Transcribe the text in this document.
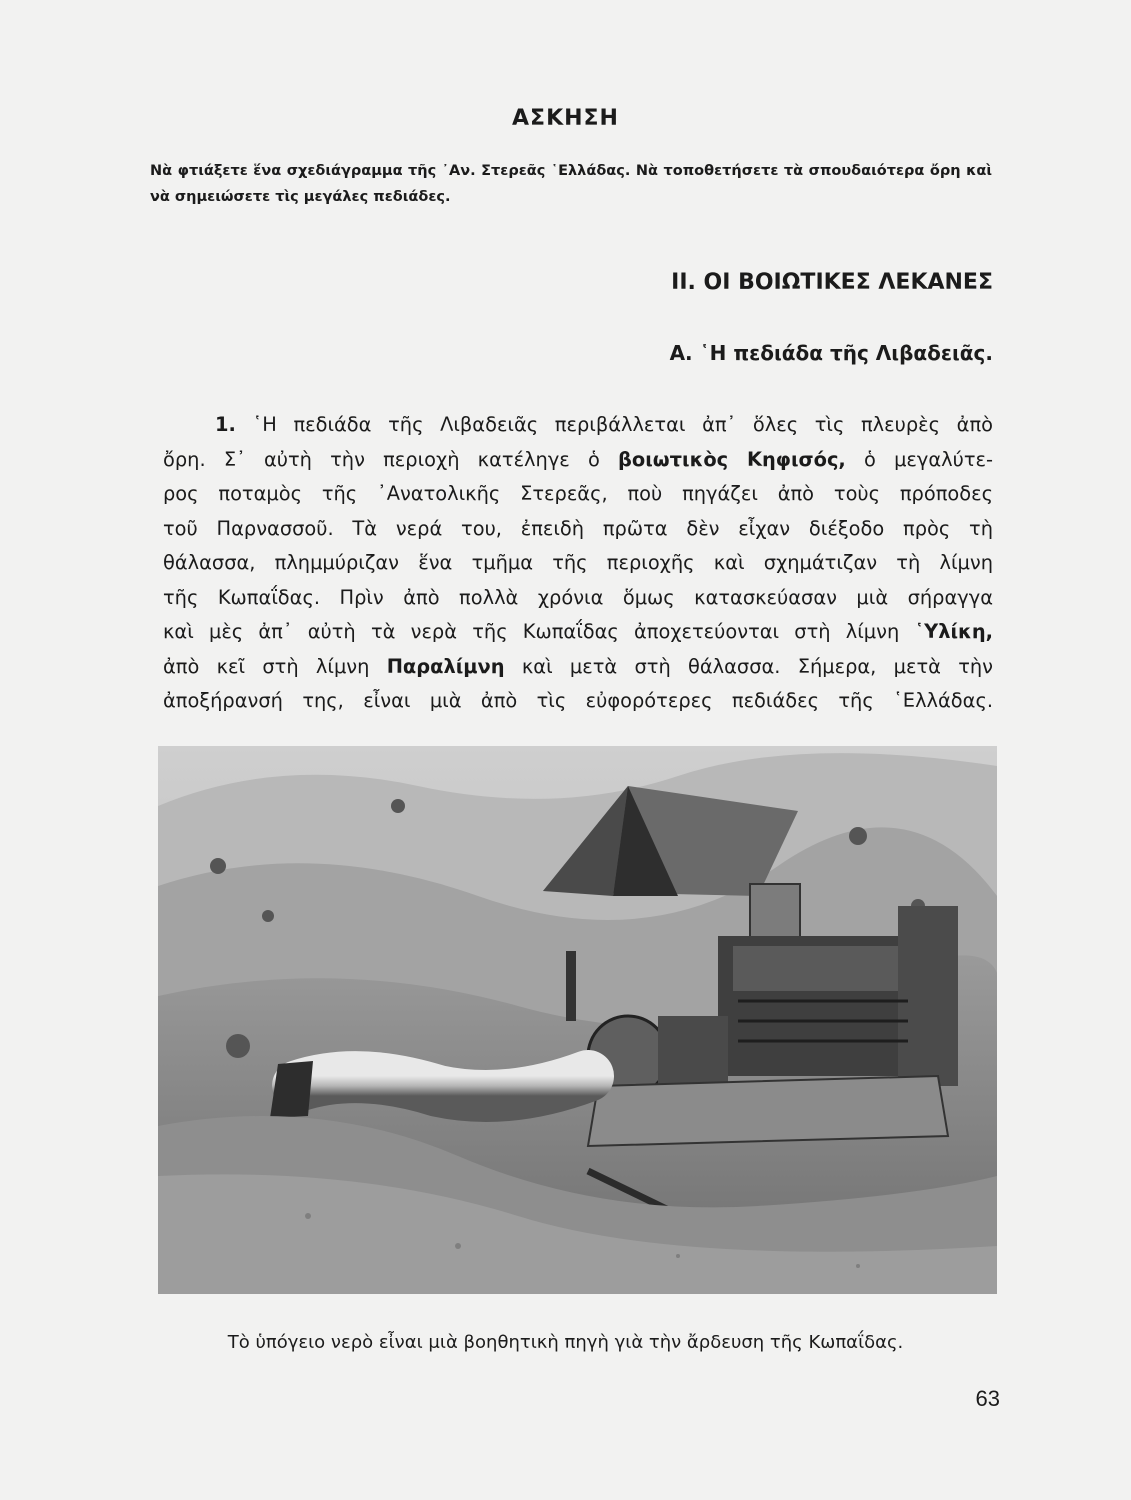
ΑΣΚΗΣΗ
Νὰ φτιάξετε ἕνα σχεδιάγραμμα τῆς ᾽Αν. Στερεᾶς ῾Ελλάδας. Νὰ τοποθετήσετε τὰ σπουδαιότερα ὄρη καὶ νὰ σημειώσετε τὶς μεγάλες πεδιάδες.
ΙΙ. ΟΙ ΒΟΙΩΤΙΚΕΣ ΛΕΚΑΝΕΣ
Α. ῾Η πεδιάδα τῆς Λιβαδειᾶς.
1. ῾Η πεδιάδα τῆς Λιβαδειᾶς περιβάλλεται ἀπ᾽ ὅλες τὶς πλευρὲς ἀπὸ
ὄρη. Σ᾽ αὐτὴ τὴν περιοχὴ κατέληγε ὁ βοιωτικὸς Κηφισός, ὁ μεγαλύτε-
ρος ποταμὸς τῆς ᾽Ανατολικῆς Στερεᾶς, ποὺ πηγάζει ἀπὸ τοὺς πρόποδες
τοῦ Παρνασσοῦ. Τὰ νερά του, ἐπειδὴ πρῶτα δὲν εἶχαν διέξοδο πρὸς τὴ
θάλασσα, πλημμύριζαν ἕνα τμῆμα τῆς περιοχῆς καὶ σχημάτιζαν τὴ λίμνη
τῆς Κωπαΐδας. Πρὶν ἀπὸ πολλὰ χρόνια ὅμως κατασκεύασαν μιὰ σήραγγα
καὶ μὲς ἀπ᾽ αὐτὴ τὰ νερὰ τῆς Κωπαΐδας ἀποχετεύονται στὴ λίμνη ῾Υλίκη,
ἀπὸ κεῖ στὴ λίμνη Παραλίμνη καὶ μετὰ στὴ θάλασσα. Σήμερα, μετὰ τὴν
ἀποξήρανσή της, εἶναι μιὰ ἀπὸ τὶς εὐφορότερες πεδιάδες τῆς ῾Ελλάδας.
Τὸ ὑπόγειο νερὸ εἶναι μιὰ βοηθητικὴ πηγὴ γιὰ τὴν ἄρδευση τῆς Κωπαΐδας.
63
